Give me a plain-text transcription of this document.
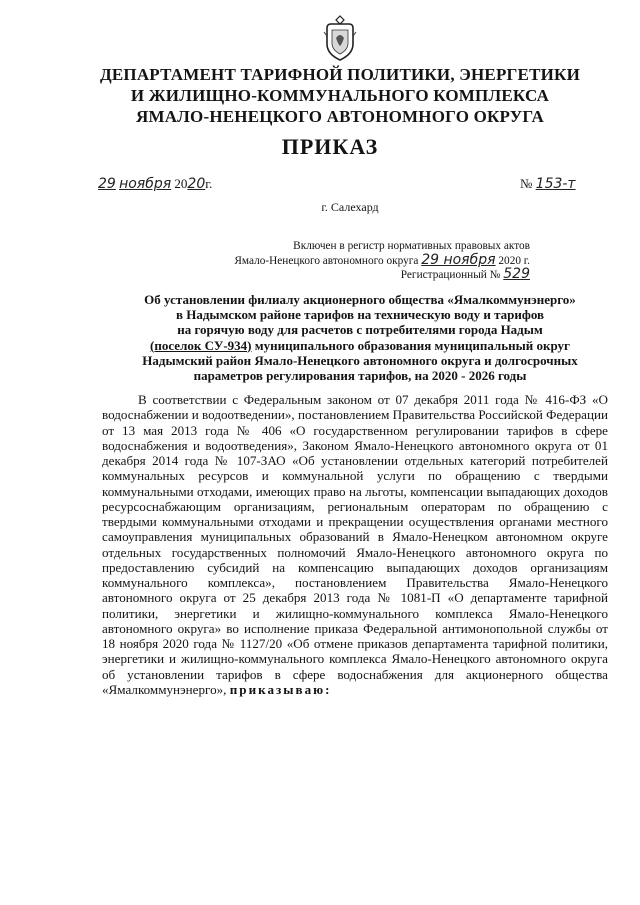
ДЕПАРТАМЕНТ ТАРИФНОЙ ПОЛИТИКИ, ЭНЕРГЕТИКИ
И ЖИЛИЩНО-КОММУНАЛЬНОГО КОМПЛЕКСА
ЯМАЛО-НЕНЕЦКОГО АВТОНОМНОГО ОКРУГА
ПРИКАЗ
29 ноября 2020г.	№ 153-т
г. Салехард
Включен в регистр нормативных правовых актов
Ямало-Ненецкого автономного округа 29 ноября 2020 г.
Регистрационный № 529
Об установлении филиалу акционерного общества «Ямалкоммунэнерго»
в Надымском районе тарифов на техническую воду и тарифов
на горячую воду для расчетов с потребителями города Надым
(поселок СУ-934) муниципального образования муниципальный округ
Надымский район Ямало-Ненецкого автономного округа и долгосрочных
параметров регулирования тарифов, на 2020 - 2026 годы

В соответствии с Федеральным законом от 07 декабря 2011 года № 416-ФЗ «О водоснабжении и водоотведении», постановлением Правительства Российской Федерации от 13 мая 2013 года № 406 «О государственном регулировании тарифов в сфере водоснабжения и водоотведения», Законом Ямало-Ненецкого автономного округа от 01 декабря 2014 года № 107-ЗАО «Об установлении отдельных категорий потребителей коммунальных ресурсов и коммунальной услуги по обращению с твердыми коммунальными отходами, имеющих право на льготы, компенсации выпадающих доходов ресурсоснабжающим организациям, региональным операторам по обращению с твердыми коммунальными отходами и прекращении осуществления органами местного самоуправления муниципальных образований в Ямало-Ненецком автономном округе отдельных государственных полномочий Ямало-Ненецкого автономного округа по предоставлению субсидий на компенсацию выпадающих доходов организациям коммунального комплекса», постановлением Правительства Ямало-Ненецкого автономного округа от 25 декабря 2013 года № 1081-П «О департаменте тарифной политики, энергетики и жилищно-коммунального комплекса Ямало-Ненецкого автономного округа» во исполнение приказа Федеральной антимонопольной службы от 18 ноября 2020 года № 1127/20 «Об отмене приказов департамента тарифной политики, энергетики и жилищно-коммунального комплекса Ямало-Ненецкого автономного округа об установлении тарифов в сфере водоснабжения для акционерного общества «Ямалкоммунэнерго», приказываю:
